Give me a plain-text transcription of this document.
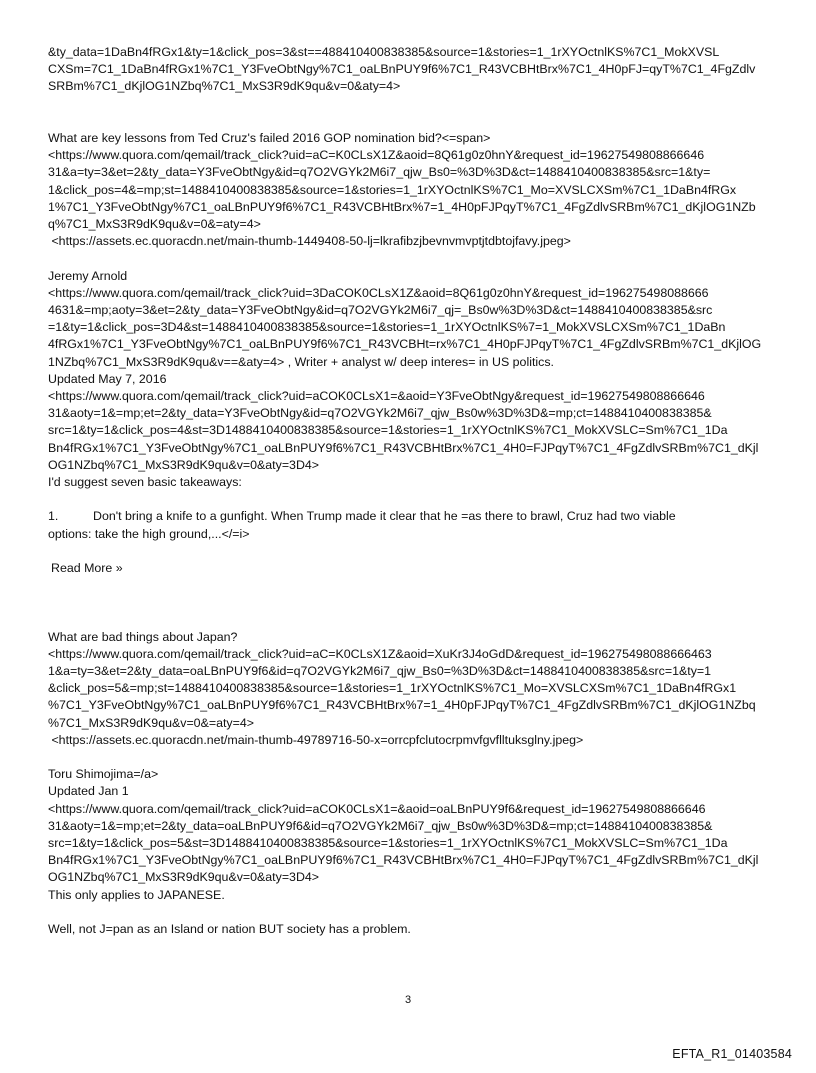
&ty_data=1DaBn4fRGx1&ty=1&click_pos=3&st==488410400838385&source=1&stories=1_1rXYOctnlKS%7C1_MokXVSL
CXSm=7C1_1DaBn4fRGx1%7C1_Y3FveObtNgy%7C1_oaLBnPUY9f6%7C1_R43VCBHtBrx%7C1_4H0pFJ=qyT%7C1_4FgZdlv
SRBm%7C1_dKjlOG1NZbq%7C1_MxS3R9dK9qu&v=0&aty=4>
What are key lessons from Ted Cruz's failed 2016 GOP nomination bid?<=span>
<https://www.quora.com/qemail/track_click?uid=aC=K0CLsX1Z&aoid=8Q61g0z0hnY&request_id=19627549808866646
31&a=ty=3&et=2&ty_data=Y3FveObtNgy&id=q7O2VGYk2M6i7_qjw_Bs0=%3D%3D&ct=1488410400838385&src=1&ty=
1&click_pos=4&=mp;st=1488410400838385&source=1&stories=1_1rXYOctnlKS%7C1_Mo=XVSLCXSm%7C1_1DaBn4fRGx
1%7C1_Y3FveObtNgy%7C1_oaLBnPUY9f6%7C1_R43VCBHtBrx%7=1_4H0pFJPqyT%7C1_4FgZdlvSRBm%7C1_dKjlOG1NZb
q%7C1_MxS3R9dK9qu&v=0&=aty=4>
<https://assets.ec.quoracdn.net/main-thumb-1449408-50-lj=lkrafibzjbevnvmvptjtdbtojfavy.jpeg>
Jeremy Arnold
<https://www.quora.com/qemail/track_click?uid=3DaCOK0CLsX1Z&aoid=8Q61g0z0hnY&request_id=196275498088666
4631&=mp;aoty=3&et=2&ty_data=Y3FveObtNgy&id=q7O2VGYk2M6i7_qj=_Bs0w%3D%3D&ct=1488410400838385&src
=1&ty=1&click_pos=3D4&st=1488410400838385&source=1&stories=1_1rXYOctnlKS%7=1_MokXVSLCXSm%7C1_1DaBn
4fRGx1%7C1_Y3FveObtNgy%7C1_oaLBnPUY9f6%7C1_R43VCBHt=rx%7C1_4H0pFJPqyT%7C1_4FgZdlvSRBm%7C1_dKjlOG
1NZbq%7C1_MxS3R9dK9qu&v==&aty=4> , Writer + analyst w/ deep interes= in US politics.
Updated May 7, 2016
<https://www.quora.com/qemail/track_click?uid=aCOK0CLsX1=&aoid=Y3FveObtNgy&request_id=19627549808866646
31&aoty=1&=mp;et=2&ty_data=Y3FveObtNgy&id=q7O2VGYk2M6i7_qjw_Bs0w%3D%3D&=mp;ct=1488410400838385&
src=1&ty=1&click_pos=4&st=3D1488410400838385&source=1&stories=1_1rXYOctnlKS%7C1_MokXVSLC=Sm%7C1_1Da
Bn4fRGx1%7C1_Y3FveObtNgy%7C1_oaLBnPUY9f6%7C1_R43VCBHtBrx%7C1_4H0=FJPqyT%7C1_4FgZdlvSRBm%7C1_dKjl
OG1NZbq%7C1_MxS3R9dK9qu&v=0&aty=3D4>
I'd suggest seven basic takeaways:
1.	Don't bring a knife to a gunfight. When Trump made it clear that he =as there to brawl, Cruz had two viable
options: take the high ground,...</=i>
Read More »
What are bad things about Japan?
<https://www.quora.com/qemail/track_click?uid=aC=K0CLsX1Z&aoid=XuKr3J4oGdD&request_id=196275498088666463
1&a=ty=3&et=2&ty_data=oaLBnPUY9f6&id=q7O2VGYk2M6i7_qjw_Bs0=%3D%3D&ct=1488410400838385&src=1&ty=1
&click_pos=5&=mp;st=1488410400838385&source=1&stories=1_1rXYOctnlKS%7C1_Mo=XVSLCXSm%7C1_1DaBn4fRGx1
%7C1_Y3FveObtNgy%7C1_oaLBnPUY9f6%7C1_R43VCBHtBrx%7=1_4H0pFJPqyT%7C1_4FgZdlvSRBm%7C1_dKjlOG1NZbq
%7C1_MxS3R9dK9qu&v=0&=aty=4>
<https://assets.ec.quoracdn.net/main-thumb-49789716-50-x=orrcpfclutocrpmvfgvflltuksglny.jpeg>
Toru Shimojima=/a>
Updated Jan 1
<https://www.quora.com/qemail/track_click?uid=aCOK0CLsX1=&aoid=oaLBnPUY9f6&request_id=19627549808866646
31&aoty=1&=mp;et=2&ty_data=oaLBnPUY9f6&id=q7O2VGYk2M6i7_qjw_Bs0w%3D%3D&=mp;ct=1488410400838385&
src=1&ty=1&click_pos=5&st=3D1488410400838385&source=1&stories=1_1rXYOctnlKS%7C1_MokXVSLC=Sm%7C1_1Da
Bn4fRGx1%7C1_Y3FveObtNgy%7C1_oaLBnPUY9f6%7C1_R43VCBHtBrx%7C1_4H0=FJPqyT%7C1_4FgZdlvSRBm%7C1_dKjl
OG1NZbq%7C1_MxS3R9dK9qu&v=0&aty=3D4>
This only applies to JAPANESE.
Well, not J=pan as an Island or nation BUT society has a problem.
3
EFTA_R1_01403584
